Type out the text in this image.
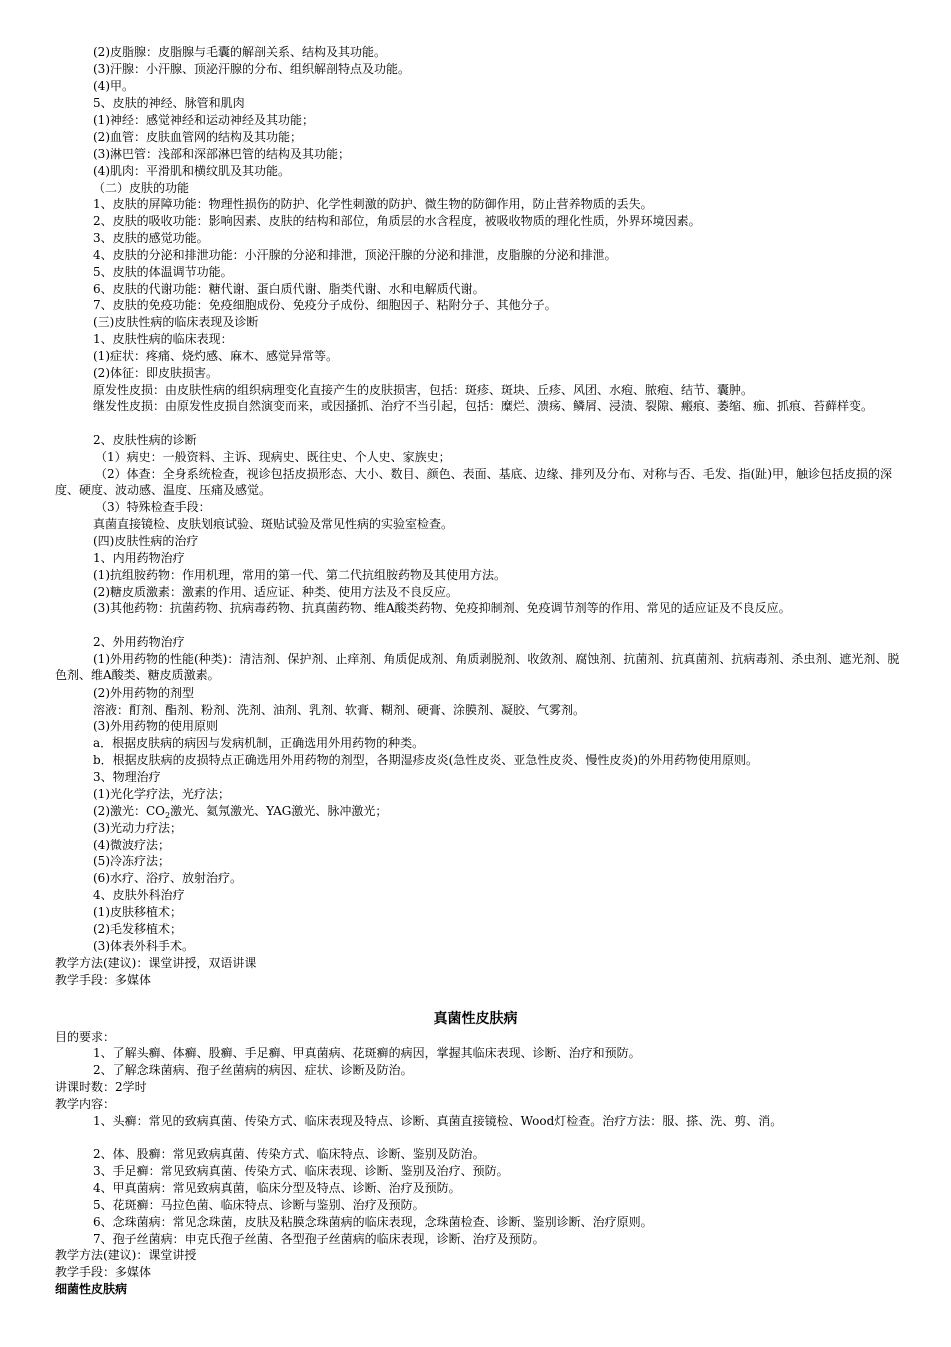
(2)皮脂腺：皮脂腺与毛囊的解剖关系、结构及其功能。
(3)汗腺：小汗腺、顶泌汗腺的分布、组织解剖特点及功能。
(4)甲。
5、皮肤的神经、脉管和肌肉
(1)神经：感觉神经和运动神经及其功能；
(2)血管：皮肤血管网的结构及其功能；
(3)淋巴管：浅部和深部淋巴管的结构及其功能；
(4)肌肉：平滑肌和横纹肌及其功能。
（二）皮肤的功能
1、皮肤的屏障功能：物理性损伤的防护、化学性刺激的防护、微生物的防御作用，防止营养物质的丢失。
2、皮肤的吸收功能：影响因素、皮肤的结构和部位，角质层的水含程度，被吸收物质的理化性质，外界环境因素。
3、皮肤的感觉功能。
4、皮肤的分泌和排泄功能：小汗腺的分泌和排泄，顶泌汗腺的分泌和排泄，皮脂腺的分泌和排泄。
5、皮肤的体温调节功能。
6、皮肤的代谢功能：糖代谢、蛋白质代谢、脂类代谢、水和电解质代谢。
7、皮肤的免疫功能：免疫细胞成份、免疫分子成份、细胞因子、粘附分子、其他分子。
(三)皮肤性病的临床表现及诊断
1、皮肤性病的临床表现：
(1)症状：疼痛、烧灼感、麻木、感觉异常等。
(2)体征：即皮肤损害。
原发性皮损：由皮肤性病的组织病理变化直接产生的皮肤损害，包括：斑疹、斑块、丘疹、风团、水疱、脓疱、结节、囊肿。
继发性皮损：由原发性皮损自然演变而来，或因搔抓、治疗不当引起，包括：糜烂、溃疡、鳞屑、浸渍、裂隙、瘢痕、萎缩、痂、抓痕、苔藓样变。
2、皮肤性病的诊断
（1）病史：一般资料、主诉、现病史、既往史、个人史、家族史；
（2）体查：全身系统检查，视诊包括皮损形态、大小、数目、颜色、表面、基底、边缘、排列及分布、对称与否、毛发、指(趾)甲，触诊包括皮损的深度、硬度、波动感、温度、压痛及感觉。
（3）特殊检查手段：
真菌直接镜检、皮肤划痕试验、斑贴试验及常见性病的实验室检查。
(四)皮肤性病的治疗
1、内用药物治疗
(1)抗组胺药物：作用机理，常用的第一代、第二代抗组胺药物及其使用方法。
(2)糖皮质激素：激素的作用、适应证、种类、使用方法及不良反应。
(3)其他药物：抗菌药物、抗病毒药物、抗真菌药物、维A酸类药物、免疫抑制剂、免疫调节剂等的作用、常见的适应证及不良反应。
2、外用药物治疗
(1)外用药物的性能(种类)：清洁剂、保护剂、止痒剂、角质促成剂、角质剥脱剂、收敛剂、腐蚀剂、抗菌剂、抗真菌剂、抗病毒剂、杀虫剂、遮光剂、脱色剂、维A酸类、糖皮质激素。
(2)外用药物的剂型
溶液：酊剂、酯剂、粉剂、洗剂、油剂、乳剂、软膏、糊剂、硬膏、涂膜剂、凝胶、气雾剂。
(3)外用药物的使用原则
a．根据皮肤病的病因与发病机制，正确选用外用药物的种类。
b．根据皮肤病的皮损特点正确选用外用药物的剂型，各期湿疹皮炎(急性皮炎、亚急性皮炎、慢性皮炎)的外用药物使用原则。
3、物理治疗
(1)光化学疗法，光疗法；
(2)激光：$CO_2$激光、氦氖激光、YAG激光、脉冲激光；
(3)光动力疗法；
(4)微波疗法；
(5)冷冻疗法；
(6)水疗、浴疗、放射治疗。
4、皮肤外科治疗
(1)皮肤移植术；
(2)毛发移植术；
(3)体表外科手术。
教学方法(建议)：课堂讲授，双语讲课
教学手段：多媒体
真菌性皮肤病
目的要求：
1、了解头癣、体癣、股癣、手足癣、甲真菌病、花斑癣的病因，掌握其临床表现、诊断、治疗和预防。
2、了解念珠菌病、孢子丝菌病的病因、症状、诊断及防治。
讲课时数：2学时
教学内容：
1、头癣：常见的致病真菌、传染方式、临床表现及特点、诊断、真菌直接镜检、Wood灯检查。治疗方法：服、搽、洗、剪、消。
2、体、股癣：常见致病真菌、传染方式、临床特点、诊断、鉴别及防治。
3、手足癣：常见致病真菌、传染方式、临床表现、诊断、鉴别及治疗、预防。
4、甲真菌病：常见致病真菌，临床分型及特点、诊断、治疗及预防。
5、花斑癣：马拉色菌、临床特点、诊断与鉴别、治疗及预防。
6、念珠菌病：常见念珠菌，皮肤及粘膜念珠菌病的临床表现，念珠菌检查、诊断、鉴别诊断、治疗原则。
7、孢子丝菌病：申克氏孢子丝菌、各型孢子丝菌病的临床表现，诊断、治疗及预防。
教学方法(建议)：课堂讲授
教学手段：多媒体
细菌性皮肤病
